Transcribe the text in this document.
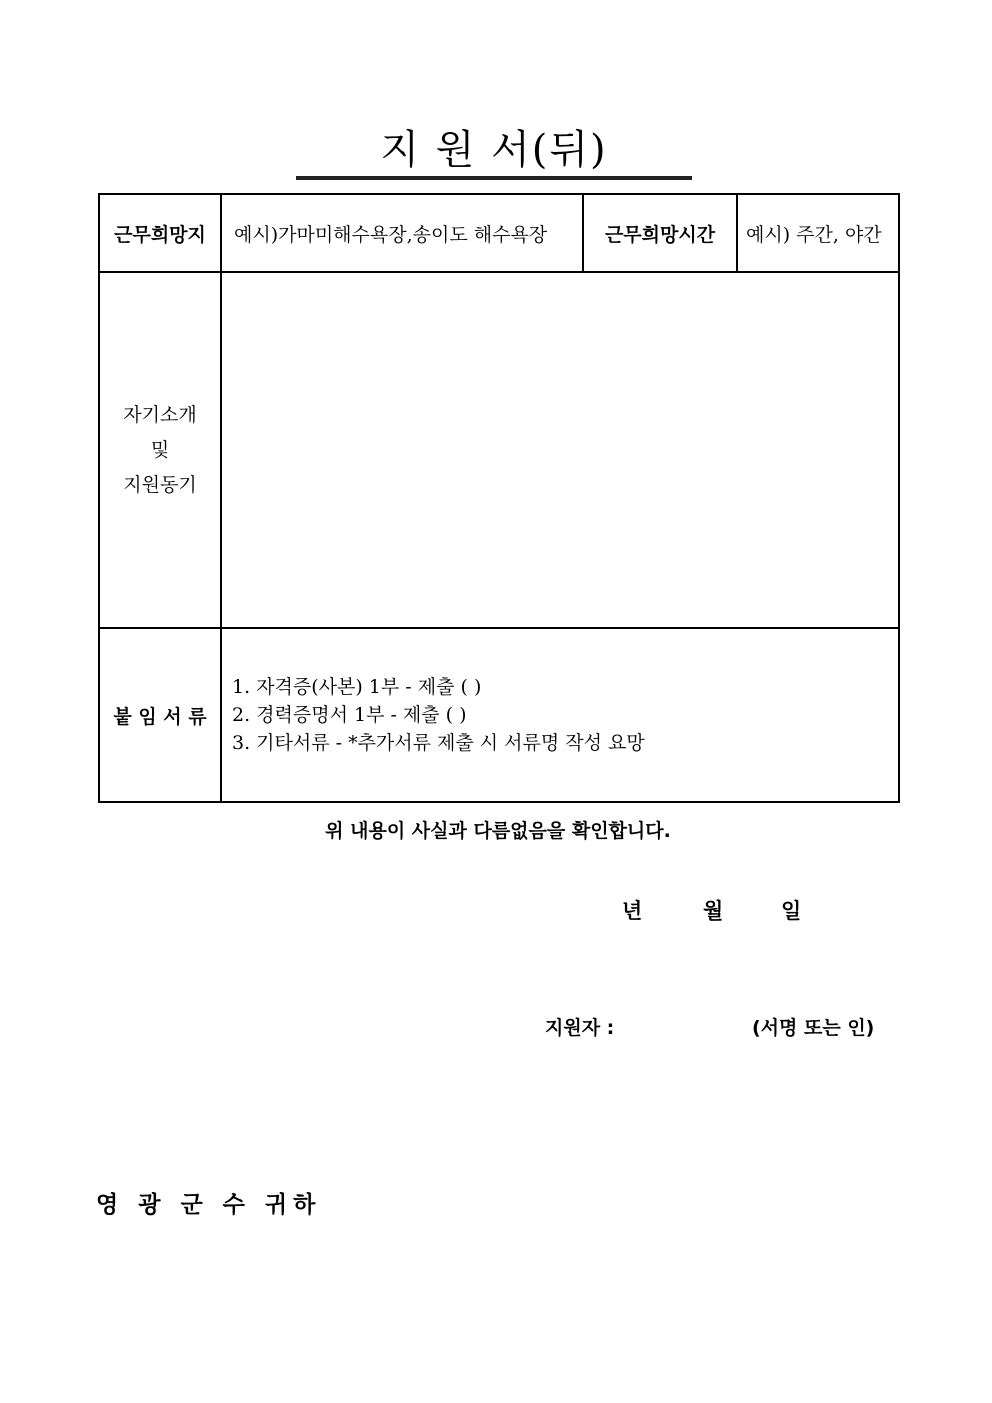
지 원 서(뒤)
근무희망지	예시)가마미해수욕장,송이도 해수욕장	근무희망시간	예시) 주간, 야간

자기소개
및
지원동기			

붙 임 서 류	1. 자격증(사본) 1부 - 제출 ( )
2. 경력증명서 1부 - 제출 ( )
3. 기타서류 - *추가서류 제출 시 서류명 작성 요망		
위 내용이 사실과 다름없음을 확인합니다.
년	월	일
지원자 :	(서명 또는 인)
영 광 군 수 귀하
